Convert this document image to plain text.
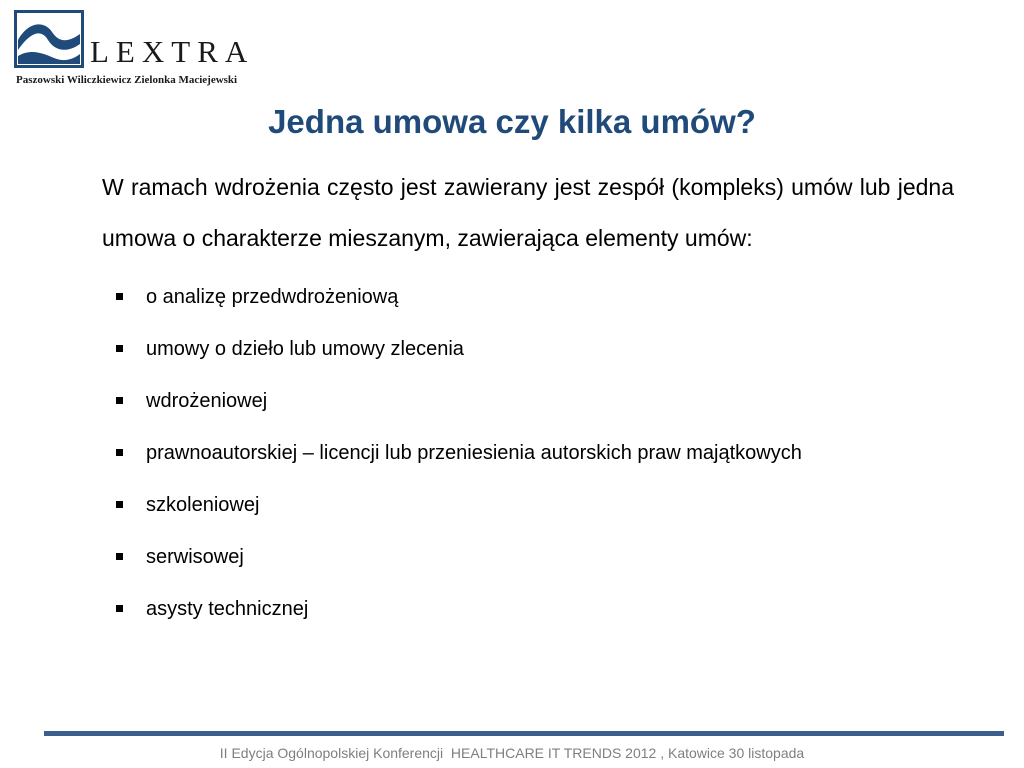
LEXTRA
Paszowski Wiliczkiewicz Zielonka Maciejewski
Jedna umowa czy kilka umów?

W ramach wdrożenia często jest zawierany jest zespół (kompleks) umów lub jedna umowa o charakterze mieszanym, zawierająca elementy umów:

o analizę przedwdrożeniową
umowy o dzieło lub umowy zlecenia
wdrożeniowej
prawnoautorskiej – licencji lub przeniesienia autorskich praw majątkowych
szkoleniowej
serwisowej
asysty technicznej
II Edycja Ogólnopolskiej Konferencji  HEALTHCARE IT TRENDS 2012 , Katowice 30 listopada
